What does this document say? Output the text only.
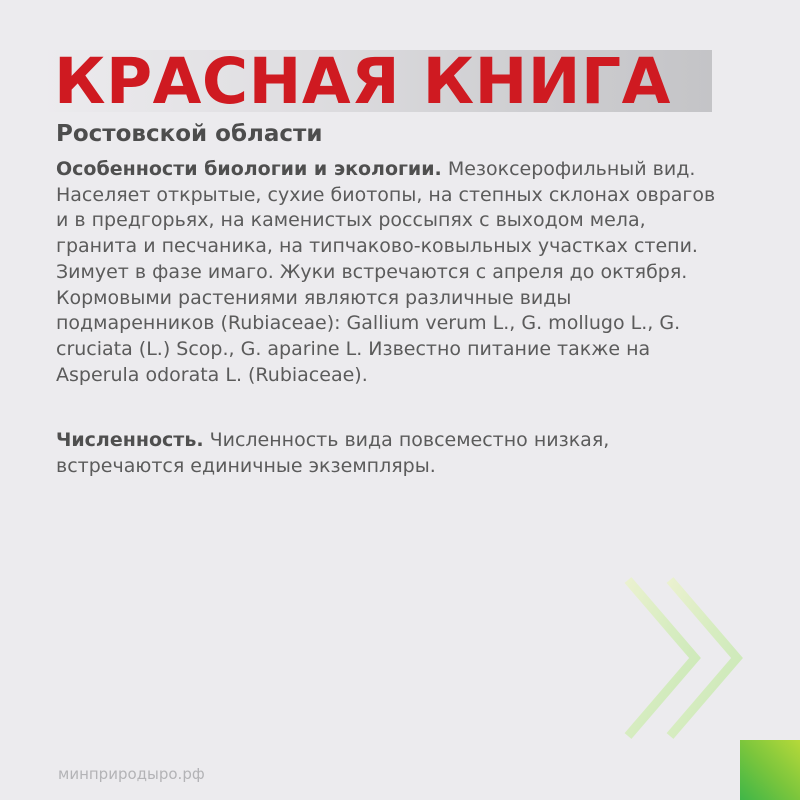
КРАСНАЯ КНИГА
Ростовской области
Особенности биологии и экологии. Мезоксерофильный вид.
Населяет открытые, сухие биотопы, на степных склонах оврагов
и в предгорьях, на каменистых россыпях с выходом мела,
гранита и песчаника, на типчаково-ковыльных участках степи.
Зимует в фазе имаго. Жуки встречаются с апреля до октября.
Кормовыми растениями являются различные виды
подмаренников (Rubiaceae): Gallium verum L., G. mollugo L., G.
cruciata (L.) Scop., G. aparine L. Известно питание также на
Asperula odorata L. (Rubiaceae).
Численность. Численность вида повсеместно низкая,
встречаются единичные экземпляры.
минприродыро.рф
